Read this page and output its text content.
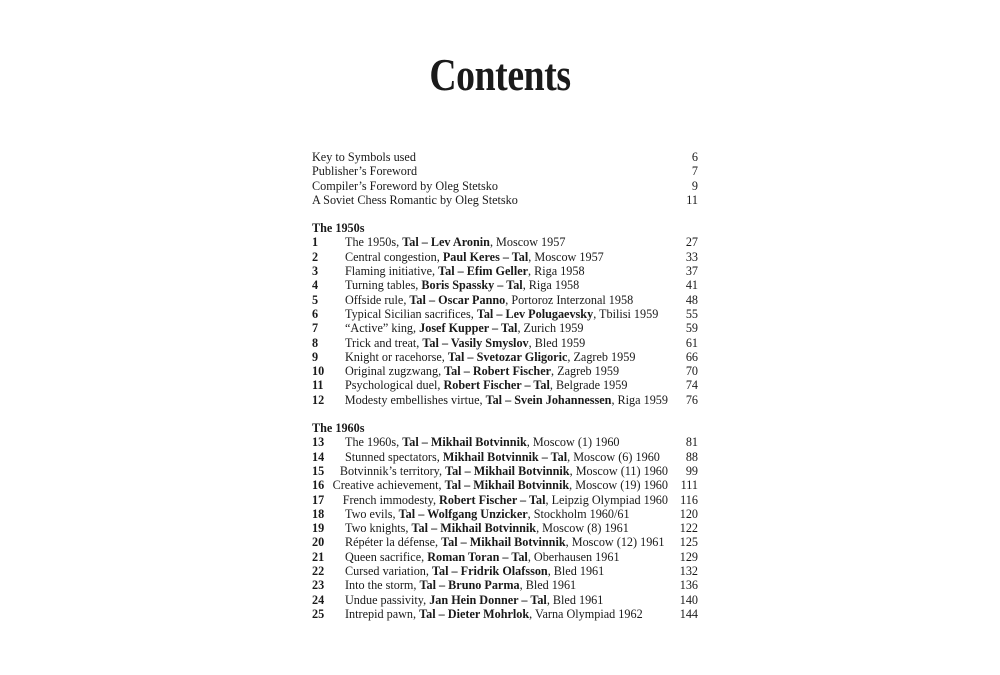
Contents
Key to Symbols used	6
Publisher’s Foreword	7
Compiler’s Foreword by Oleg Stetsko	9
A Soviet Chess Romantic by Oleg Stetsko	11
The 1950s
1	The 1950s, Tal – Lev Aronin, Moscow 1957	27
2	Central congestion, Paul Keres – Tal, Moscow 1957	33
3	Flaming initiative, Tal – Efim Geller, Riga 1958	37
4	Turning tables, Boris Spassky – Tal, Riga 1958	41
5	Offside rule, Tal – Oscar Panno, Portoroz Interzonal 1958	48
6	Typical Sicilian sacrifices, Tal – Lev Polugaevsky, Tbilisi 1959	55
7	“Active” king, Josef Kupper – Tal, Zurich 1959	59
8	Trick and treat, Tal – Vasily Smyslov, Bled 1959	61
9	Knight or racehorse, Tal – Svetozar Gligoric, Zagreb 1959	66
10	Original zugzwang, Tal – Robert Fischer, Zagreb 1959	70
11	Psychological duel, Robert Fischer – Tal, Belgrade 1959	74
12	Modesty embellishes virtue, Tal – Svein Johannessen, Riga 1959	76
The 1960s
13	The 1960s, Tal – Mikhail Botvinnik, Moscow (1) 1960	81
14	Stunned spectators, Mikhail Botvinnik – Tal, Moscow (6) 1960	88
15	Botvinnik’s territory, Tal – Mikhail Botvinnik, Moscow (11) 1960	99
16 Creative achievement, Tal – Mikhail Botvinnik, Moscow (19) 1960	111
17	French immodesty, Robert Fischer – Tal, Leipzig Olympiad 1960 116
18	Two evils, Tal – Wolfgang Unzicker, Stockholm 1960/61	120
19	Two knights, Tal – Mikhail Botvinnik, Moscow (8) 1961	122
20	Répéter la défense, Tal – Mikhail Botvinnik, Moscow (12) 1961	125
21	Queen sacrifice, Roman Toran – Tal, Oberhausen 1961	129
22	Cursed variation, Tal – Fridrik Olafsson, Bled 1961	132
23	Into the storm, Tal – Bruno Parma, Bled 1961	136
24	Undue passivity, Jan Hein Donner – Tal, Bled 1961	140
25	Intrepid pawn, Tal – Dieter Mohrlok, Varna Olympiad 1962	144
